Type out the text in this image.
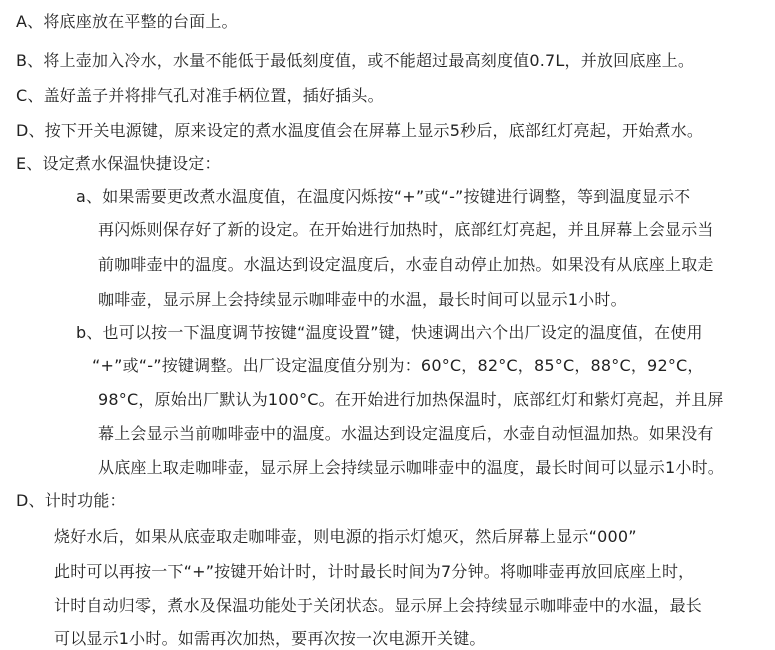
A、将底座放在平整的台面上。
B、将上壶加入冷水，水量不能低于最低刻度值，或不能超过最高刻度值0.7L，并放回底座上。
C、盖好盖子并将排气孔对准手柄位置，插好插头。
D、按下开关电源键，原来设定的煮水温度值会在屏幕上显示5秒后，底部红灯亮起，开始煮水。
E、设定煮水保温快捷设定：
a、如果需要更改煮水温度值，在温度闪烁按“+”或“-”按键进行调整，等到温度显示不
再闪烁则保存好了新的设定。在开始进行加热时，底部红灯亮起，并且屏幕上会显示当
前咖啡壶中的温度。水温达到设定温度后，水壶自动停止加热。如果没有从底座上取走
咖啡壶，显示屏上会持续显示咖啡壶中的水温，最长时间可以显示1小时。
b、也可以按一下温度调节按键“温度设置”键，快速调出六个出厂设定的温度值，在使用
“+”或“-”按键调整。出厂设定温度值分别为：60°C，82°C，85°C，88°C，92°C，
98°C，原始出厂默认为100°C。在开始进行加热保温时，底部红灯和紫灯亮起，并且屏
幕上会显示当前咖啡壶中的温度。水温达到设定温度后，水壶自动恒温加热。如果没有
从底座上取走咖啡壶，显示屏上会持续显示咖啡壶中的温度，最长时间可以显示1小时。
D、计时功能：
烧好水后，如果从底壶取走咖啡壶，则电源的指示灯熄灭，然后屏幕上显示“000”
此时可以再按一下“+”按键开始计时，计时最长时间为7分钟。将咖啡壶再放回底座上时，
计时自动归零，煮水及保温功能处于关闭状态。显示屏上会持续显示咖啡壶中的水温，最长
可以显示1小时。如需再次加热，要再次按一次电源开关键。
